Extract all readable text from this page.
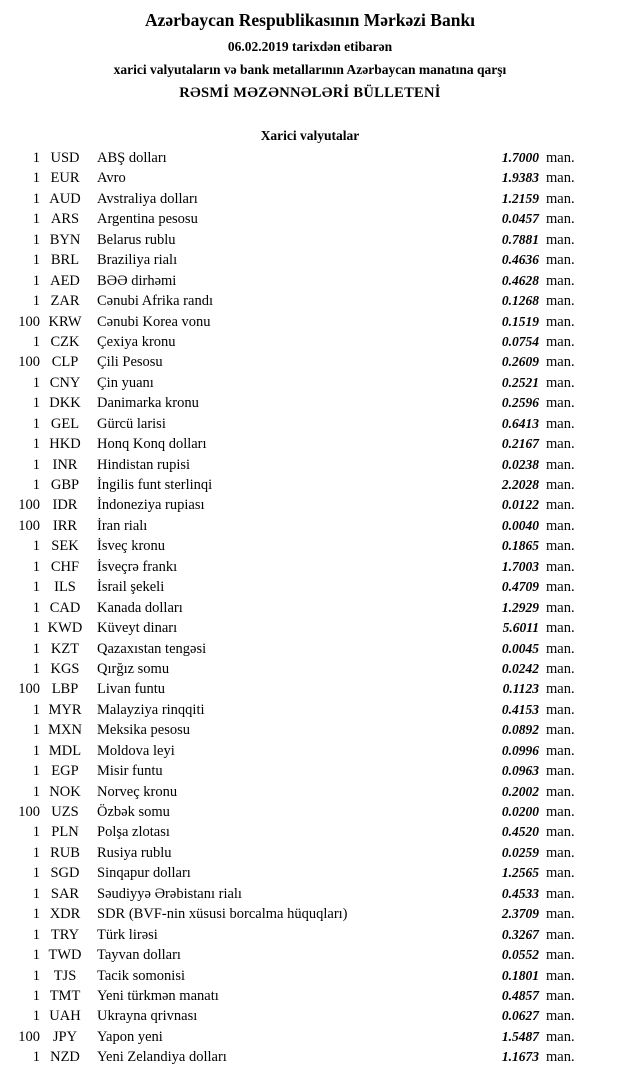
Azərbaycan Respublikasının Mərkəzi Bankı
06.02.2019 tarixdən etibarən
xarici valyutaların və bank metallarının Azərbaycan manatına qarşı
RƏSMİ MƏZƏNNƏLƏRİ BÜLLETENİ
Xarici valyutalar
1 USD	ABŞ dolları	1.7000 man.
1 EUR	Avro	1.9383 man.
1 AUD	Avstraliya dolları	1.2159 man.
1 ARS	Argentina pesosu	0.0457 man.
1 BYN	Belarus rublu	0.7881 man.
1 BRL	Braziliya rialı	0.4636 man.
1 AED	BƏƏ dirhəmi	0.4628 man.
1 ZAR	Cənubi Afrika randı	0.1268 man.
100 KRW	Cənubi Korea vonu	0.1519 man.
1 CZK	Çexiya kronu	0.0754 man.
100 CLP	Çili Pesosu	0.2609 man.
1 CNY	Çin yuanı	0.2521 man.
1 DKK	Danimarka kronu	0.2596 man.
1 GEL	Gürcü larisi	0.6413 man.
1 HKD	Honq Konq dolları	0.2167 man.
1 INR	Hindistan rupisi	0.0238 man.
1 GBP	İngilis funt sterlinqi	2.2028 man.
100 IDR	İndoneziya rupiası	0.0122 man.
100 IRR	İran rialı	0.0040 man.
1 SEK	İsveç kronu	0.1865 man.
1 CHF	İsveçrə frankı	1.7003 man.
1 ILS	İsrail şekeli	0.4709 man.
1 CAD	Kanada dolları	1.2929 man.
1 KWD	Küveyt dinarı	5.6011 man.
1 KZT	Qazaxıstan tengəsi	0.0045 man.
1 KGS	Qırğız somu	0.0242 man.
100 LBP	Livan funtu	0.1123 man.
1 MYR	Malayziya rinqqiti	0.4153 man.
1 MXN	Meksika pesosu	0.0892 man.
1 MDL	Moldova leyi	0.0996 man.
1 EGP	Misir funtu	0.0963 man.
1 NOK	Norveç kronu	0.2002 man.
100 UZS	Özbək somu	0.0200 man.
1 PLN	Polşa zlotası	0.4520 man.
1 RUB	Rusiya rublu	0.0259 man.
1 SGD	Sinqapur dolları	1.2565 man.
1 SAR	Səudiyyə Ərəbistanı rialı	0.4533 man.
1 XDR	SDR (BVF-nin xüsusi borcalma hüquqları)	2.3709 man.
1 TRY	Türk lirəsi	0.3267 man.
1 TWD	Tayvan dolları	0.0552 man.
1 TJS	Tacik somonisi	0.1801 man.
1 TMT	Yeni türkmən manatı	0.4857 man.
1 UAH	Ukrayna qrivnası	0.0627 man.
100 JPY	Yapon yeni	1.5487 man.
1 NZD	Yeni Zelandiya dolları	1.1673 man.
